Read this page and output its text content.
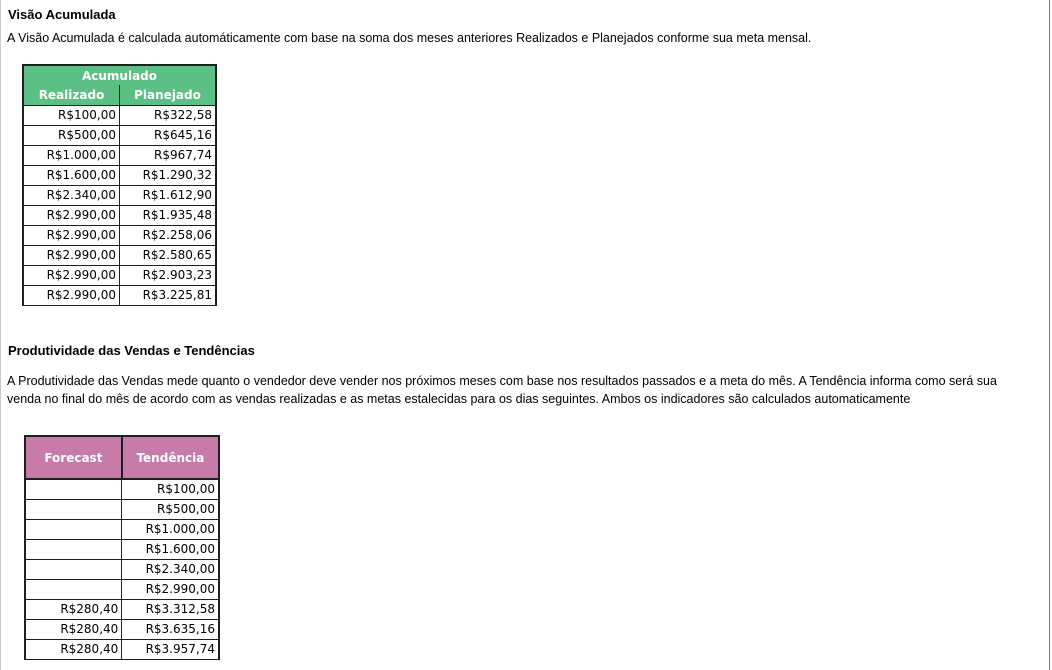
Visão Acumulada
A Visão Acumulada é calculada automáticamente com base na soma dos meses anteriores Realizados e Planejados conforme sua meta mensal.
Acumulado	
Realizado	Planejado
R$100,00	R$322,58
R$500,00	R$645,16
R$1.000,00	R$967,74
R$1.600,00	R$1.290,32
R$2.340,00	R$1.612,90
R$2.990,00	R$1.935,48
R$2.990,00	R$2.258,06
R$2.990,00	R$2.580,65
R$2.990,00	R$2.903,23
R$2.990,00	R$3.225,81
Produtividade das Vendas e Tendências
A Produtividade das Vendas mede quanto o vendedor deve vender nos próximos meses com base nos resultados passados e a meta do mês. A Tendência informa como será sua
venda no final do mês de acordo com as vendas realizadas e as metas estalecidas para os dias seguintes. Ambos os indicadores são calculados automaticamente
Forecast	Tendência
	R$100,00
	R$500,00
	R$1.000,00
	R$1.600,00
	R$2.340,00
	R$2.990,00
R$280,40	R$3.312,58
R$280,40	R$3.635,16
R$280,40	R$3.957,74
